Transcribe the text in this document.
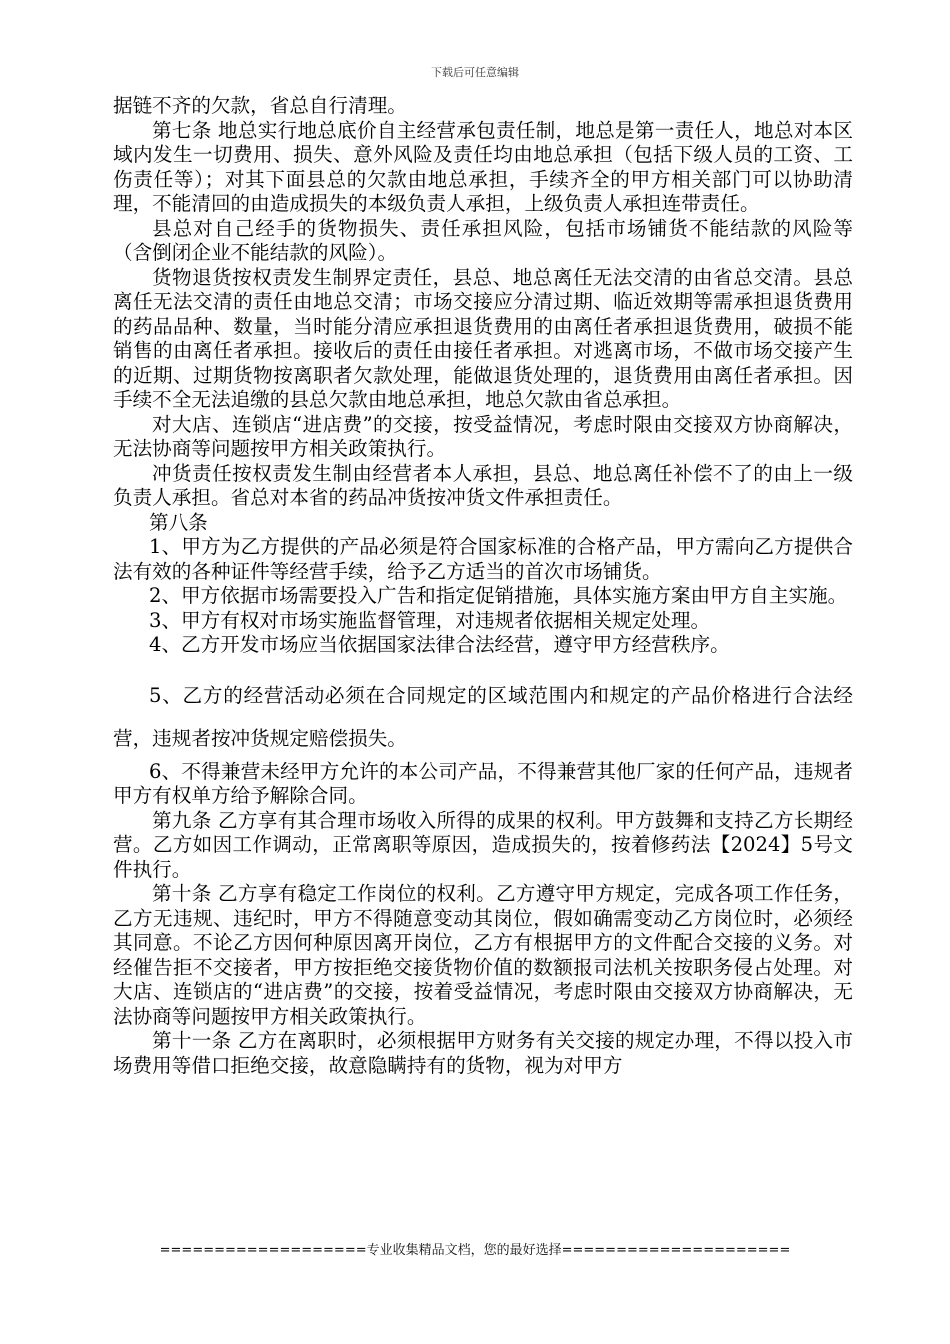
下载后可任意编辑

据链不齐的欠款，省总自行清理。

第七条 地总实行地总底价自主经营承包责任制，地总是第一责任人，地总对本区域内发生一切费用、损失、意外风险及责任均由地总承担（包括下级人员的工资、工伤责任等）；对其下面县总的欠款由地总承担，手续齐全的甲方相关部门可以协助清理，不能清回的由造成损失的本级负责人承担，上级负责人承担连带责任。

县总对自己经手的货物损失、责任承担风险，包括市场铺货不能结款的风险等（含倒闭企业不能结款的风险）。

货物退货按权责发生制界定责任，县总、地总离任无法交清的由省总交清。县总离任无法交清的责任由地总交清；市场交接应分清过期、临近效期等需承担退货费用的药品品种、数量，当时能分清应承担退货费用的由离任者承担退货费用，破损不能销售的由离任者承担。接收后的责任由接任者承担。对逃离市场，不做市场交接产生的近期、过期货物按离职者欠款处理，能做退货处理的，退货费用由离任者承担。因手续不全无法追缴的县总欠款由地总承担，地总欠款由省总承担。

对大店、连锁店“进店费”的交接，按受益情况，考虑时限由交接双方协商解决，无法协商等问题按甲方相关政策执行。

冲货责任按权责发生制由经营者本人承担，县总、地总离任补偿不了的由上一级负责人承担。省总对本省的药品冲货按冲货文件承担责任。

第八条

1、甲方为乙方提供的产品必须是符合国家标准的合格产品，甲方需向乙方提供合法有效的各种证件等经营手续，给予乙方适当的首次市场铺货。

2、甲方依据市场需要投入广告和指定促销措施，具体实施方案由甲方自主实施。

3、甲方有权对市场实施监督管理，对违规者依据相关规定处理。

4、乙方开发市场应当依据国家法律合法经营，遵守甲方经营秩序。

5、乙方的经营活动必须在合同规定的区域范围内和规定的产品价格进行合法经营，违规者按冲货规定赔偿损失。

6、不得兼营未经甲方允许的本公司产品，不得兼营其他厂家的任何产品，违规者甲方有权单方给予解除合同。

第九条 乙方享有其合理市场收入所得的成果的权利。甲方鼓舞和支持乙方长期经营。乙方如因工作调动，正常离职等原因，造成损失的，按着修药法【2024】5号文件执行。

第十条 乙方享有稳定工作岗位的权利。乙方遵守甲方规定，完成各项工作任务，乙方无违规、违纪时，甲方不得随意变动其岗位，假如确需变动乙方岗位时，必须经其同意。不论乙方因何种原因离开岗位，乙方有根据甲方的文件配合交接的义务。对经催告拒不交接者，甲方按拒绝交接货物价值的数额报司法机关按职务侵占处理。对大店、连锁店的“进店费”的交接，按着受益情况，考虑时限由交接双方协商解决，无法协商等问题按甲方相关政策执行。

第十一条 乙方在离职时，必须根据甲方财务有关交接的规定办理，不得以投入市场费用等借口拒绝交接，故意隐瞒持有的货物，视为对甲方

===================专业收集精品文档，您的最好选择=====================
